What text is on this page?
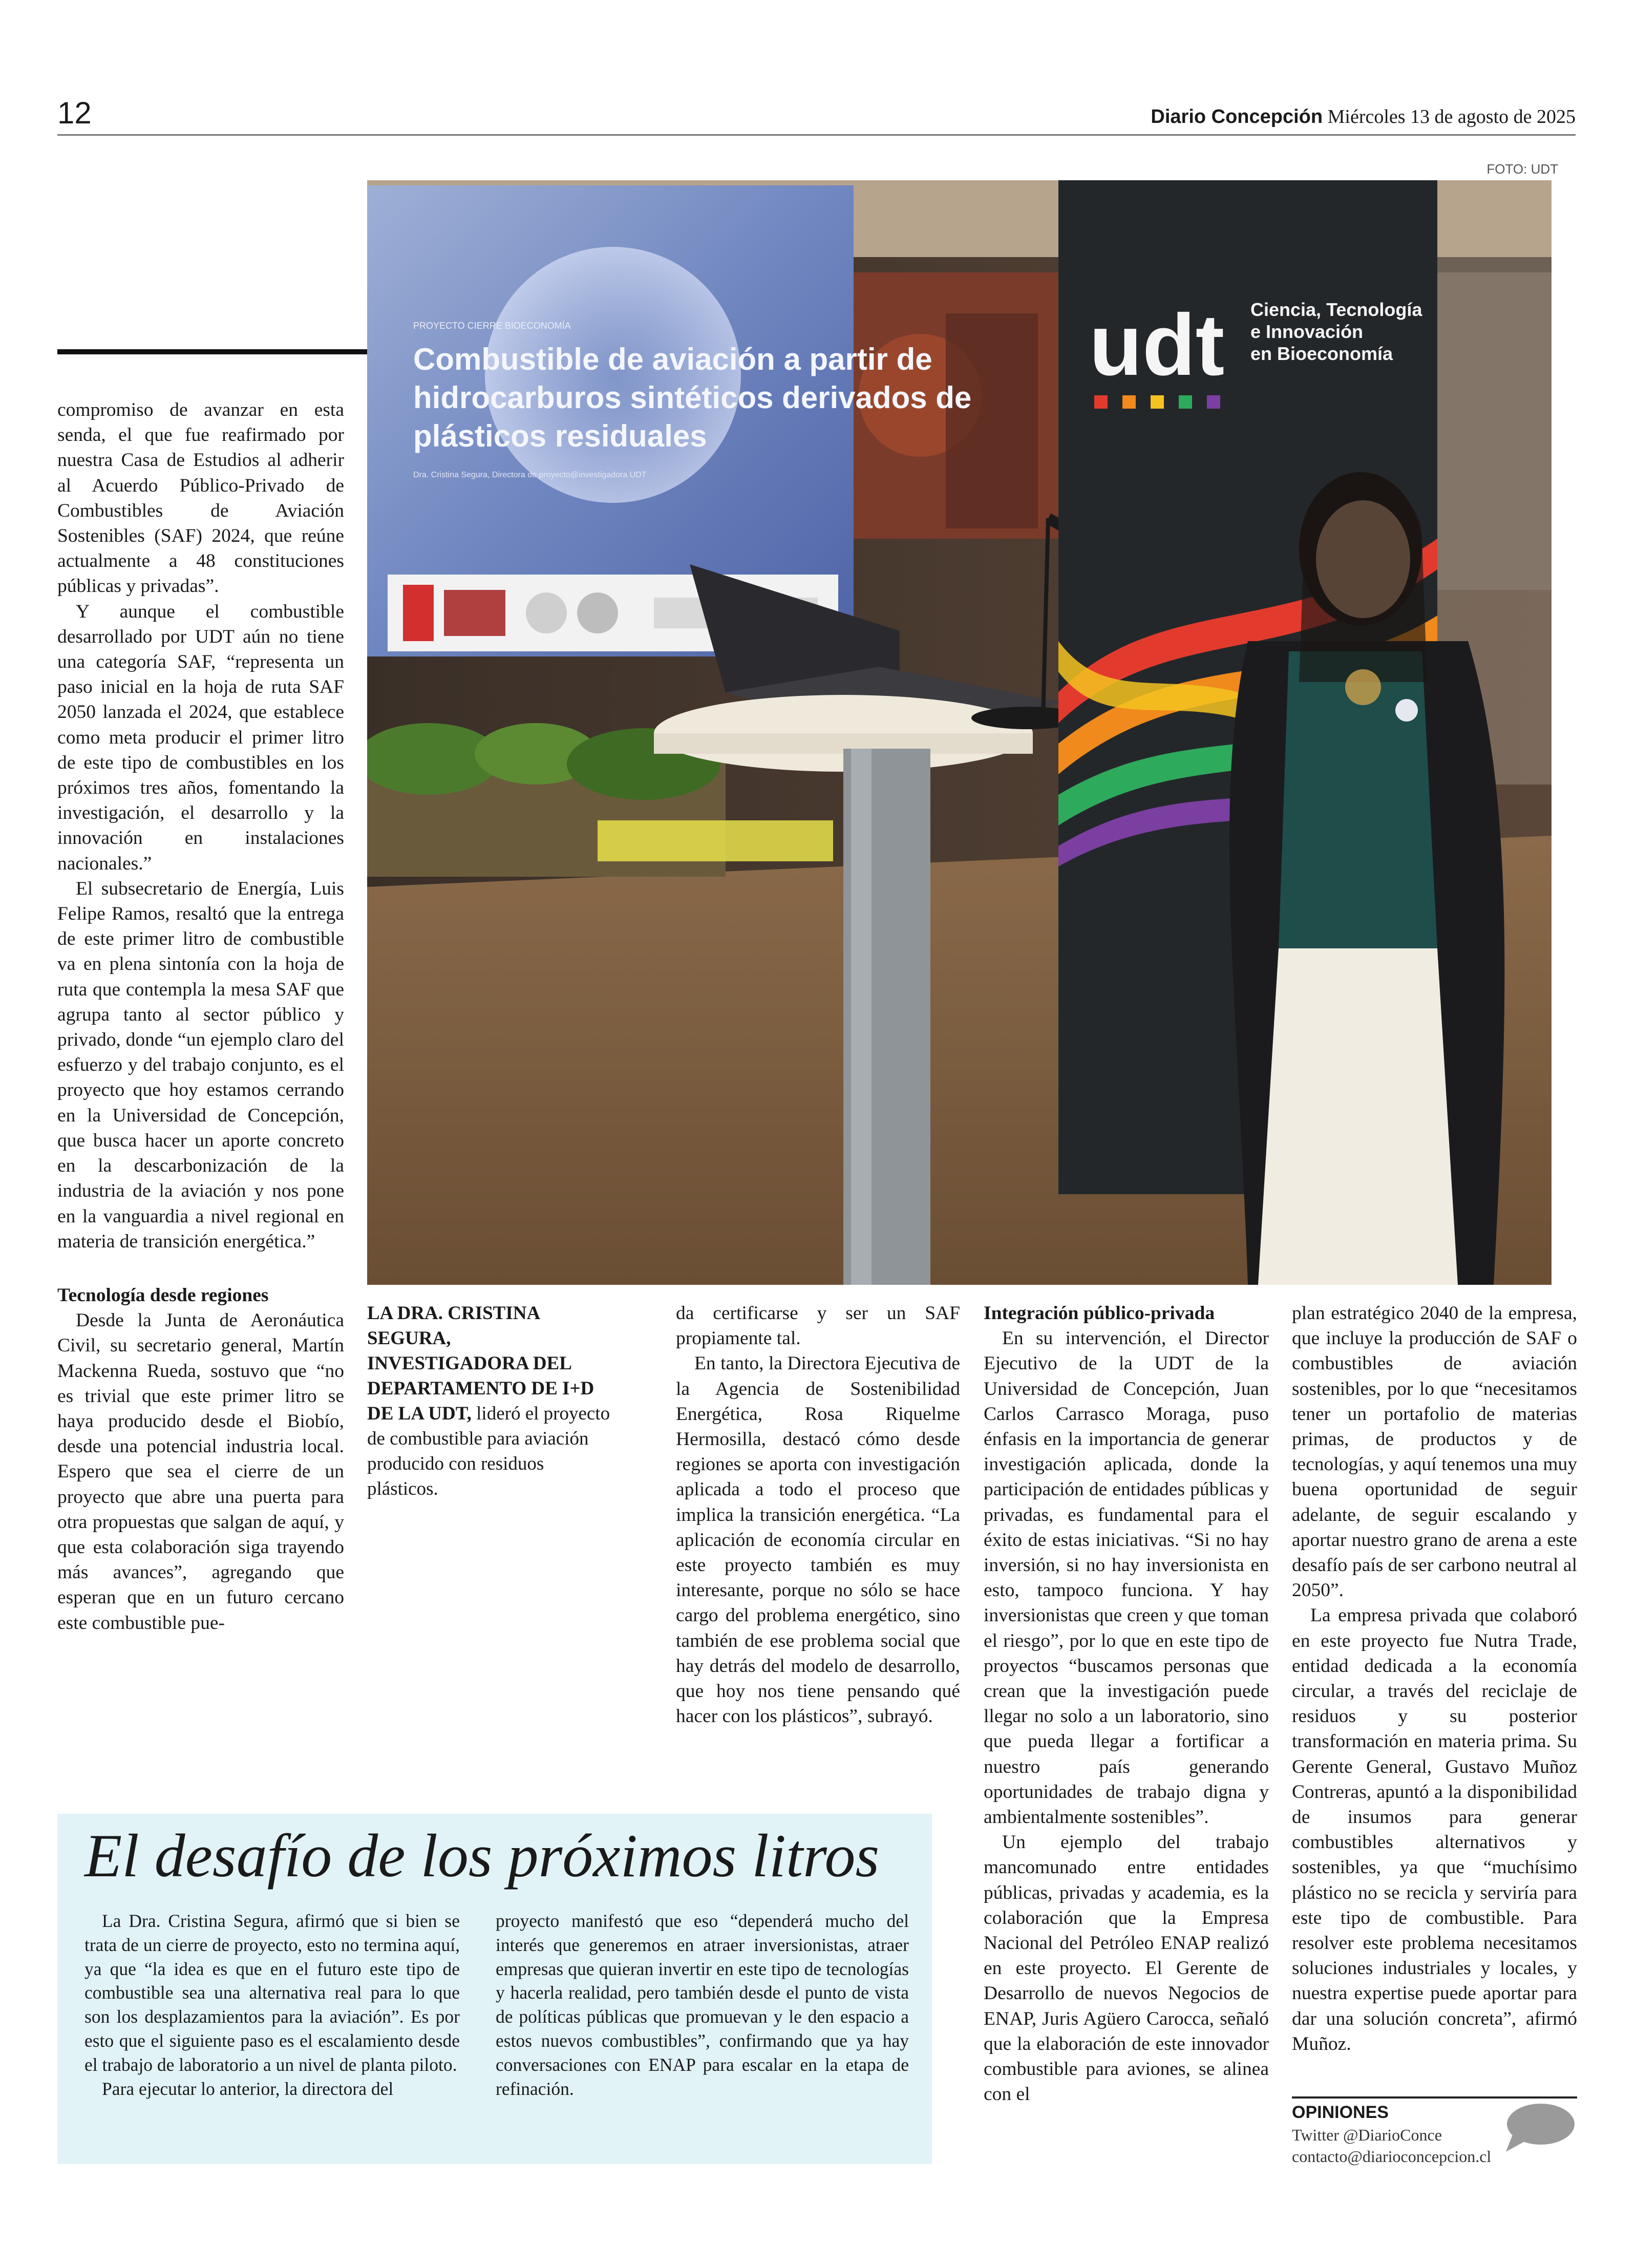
12	Diario Concepción Miércoles 13 de agosto de 2025
FOTO: UDT
PROYECTO CIERRE BIOECONOMÍA
Combustible de aviación a partir de
hidrocarburos sintéticos derivados de
plásticos residuales
Dra. Cristina Segura, Directora de proyecto@investigadora UDT
udt Ciencia, Tecnología
e Innovación
en Bioeconomía

compromiso de avanzar en esta senda, el que fue reafirmado por nuestra Casa de Estudios al adherir al Acuerdo Público-Privado de Combustibles de Aviación Sostenibles (SAF) 2024, que reúne actualmente a 48 constituciones públicas y privadas”.

Y aunque el combustible desarrollado por UDT aún no tiene una categoría SAF, “representa un paso inicial en la hoja de ruta SAF 2050 lanzada el 2024, que establece como meta producir el primer litro de este tipo de combustibles en los próximos tres años, fomentando la investigación, el desarrollo y la innovación en instalaciones nacionales.”

El subsecretario de Energía, Luis Felipe Ramos, resaltó que la entrega de este primer litro de combustible va en plena sintonía con la hoja de ruta que contempla la mesa SAF que agrupa tanto al sector público y privado, donde “un ejemplo claro del esfuerzo y del trabajo conjunto, es el proyecto que hoy estamos cerrando en la Universidad de Concepción, que busca hacer un aporte concreto en la descarbonización de la industria de la aviación y nos pone en la vanguardia a nivel regional en materia de transición energética.”

Tecnología desde regiones

Desde la Junta de Aeronáutica Civil, su secretario general, Martín Mackenna Rueda, sostuvo que “no es trivial que este primer litro se haya producido desde el Biobío, desde una potencial industria local. Espero que sea el cierre de un proyecto que abre una puerta para otra propuestas que salgan de aquí, y que esta colaboración siga trayendo más avances”, agregando que esperan que en un futuro cercano este combustible pue-

LA DRA. CRISTINA SEGURA, INVESTIGADORA DEL DEPARTAMENTO DE I+D DE LA UDT, lideró el proyecto de combustible para aviación producido con residuos plásticos.

da certificarse y ser un SAF propiamente tal.

En tanto, la Directora Ejecutiva de la Agencia de Sostenibilidad Energética, Rosa Riquelme Hermosilla, destacó cómo desde regiones se aporta con investigación aplicada a todo el proceso que implica la transición energética. “La aplicación de economía circular en este proyecto también es muy interesante, porque no sólo se hace cargo del problema energético, sino también de ese problema social que hay detrás del modelo de desarrollo, que hoy nos tiene pensando qué hacer con los plásticos”, subrayó.

Integración público-privada

En su intervención, el Director Ejecutivo de la UDT de la Universidad de Concepción, Juan Carlos Carrasco Moraga, puso énfasis en la importancia de generar investigación aplicada, donde la participación de entidades públicas y privadas, es fundamental para el éxito de estas iniciativas. “Si no hay inversión, si no hay inversionista en esto, tampoco funciona. Y hay inversionistas que creen y que toman el riesgo”, por lo que en este tipo de proyectos “buscamos personas que crean que la investigación puede llegar no solo a un laboratorio, sino que pueda llegar a fortificar a nuestro país generando oportunidades de trabajo digna y ambientalmente sostenibles”.

Un ejemplo del trabajo mancomunado entre entidades públicas, privadas y academia, es la colaboración que la Empresa Nacional del Petróleo ENAP realizó en este proyecto. El Gerente de Desarrollo de nuevos Negocios de ENAP, Juris Agüero Carocca, señaló que la elaboración de este innovador combustible para aviones, se alinea con el

plan estratégico 2040 de la empresa, que incluye la producción de SAF o combustibles de aviación sostenibles, por lo que “necesitamos tener un portafolio de materias primas, de productos y de tecnologías, y aquí tenemos una muy buena oportunidad de seguir adelante, de seguir escalando y aportar nuestro grano de arena a este desafío país de ser carbono neutral al 2050”.

La empresa privada que colaboró en este proyecto fue Nutra Trade, entidad dedicada a la economía circular, a través del reciclaje de residuos y su posterior transformación en materia prima. Su Gerente General, Gustavo Muñoz Contreras, apuntó a la disponibilidad de insumos para generar combustibles alternativos y sostenibles, ya que “muchísimo plástico no se recicla y serviría para este tipo de combustible. Para resolver este problema necesitamos soluciones industriales y locales, y nuestra expertise puede aportar para dar una solución concreta”, afirmó Muñoz.

El desafío de los próximos litros

La Dra. Cristina Segura, afirmó que si bien se trata de un cierre de proyecto, esto no termina aquí, ya que “la idea es que en el futuro este tipo de combustible sea una alternativa real para lo que son los desplazamientos para la aviación”. Es por esto que el siguiente paso es el escalamiento desde el trabajo de laboratorio a un nivel de planta piloto.

Para ejecutar lo anterior, la directora del

proyecto manifestó que eso “dependerá mucho del interés que generemos en atraer inversionistas, atraer empresas que quieran invertir en este tipo de tecnologías y hacerla realidad, pero también desde el punto de vista de políticas públicas que promuevan y le den espacio a estos nuevos combustibles”, confirmando que ya hay conversaciones con ENAP para escalar en la etapa de refinación.

OPINIONES
Twitter @DiarioConce
contacto@diarioconcepcion.cl
